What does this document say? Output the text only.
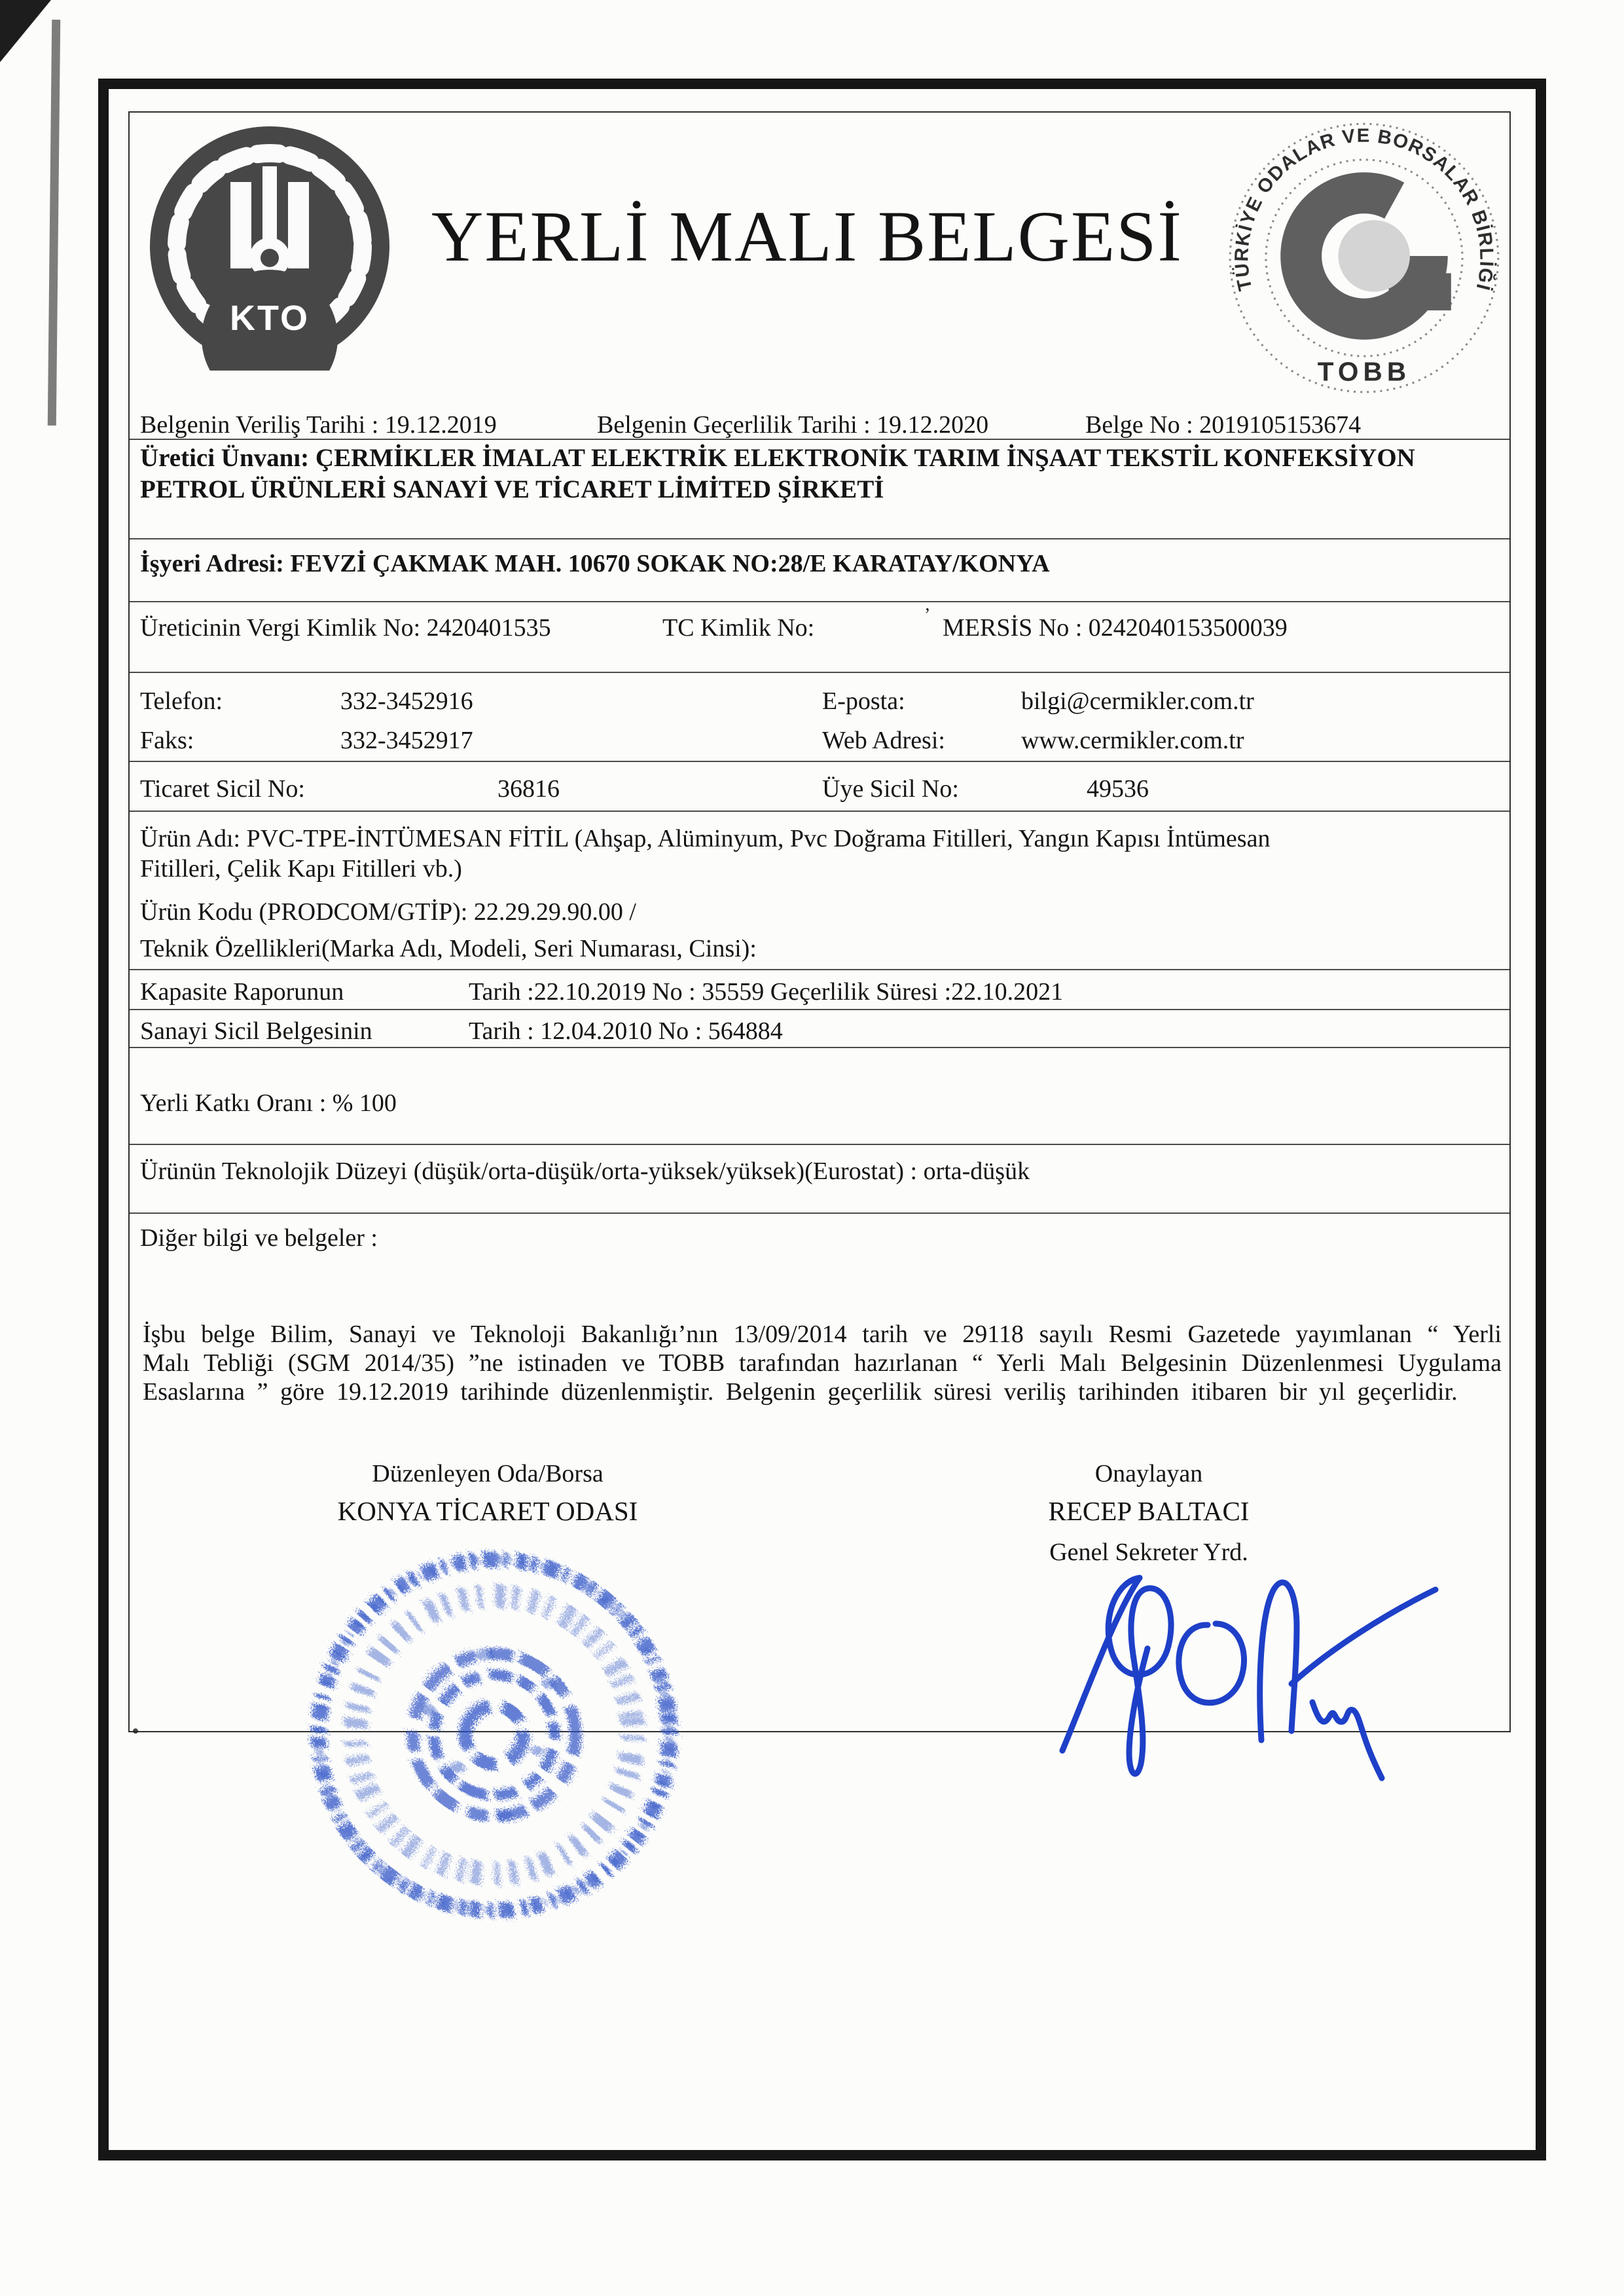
KTO
YERLİ MALI BELGESİ
TÜRKİYE ODALAR VE BORSALAR BİRLİĞİ
TOBB
Belgenin Veriliş Tarihi : 19.12.2019	Belgenin Geçerlilik Tarihi : 19.12.2020	Belge No : 2019105153674
Üretici Ünvanı: ÇERMİKLER İMALAT ELEKTRİK ELEKTRONİK TARIM İNŞAAT TEKSTİL KONFEKSİYON
PETROL ÜRÜNLERİ SANAYİ VE TİCARET LİMİTED ŞİRKETİ
İşyeri Adresi: FEVZİ ÇAKMAK MAH. 10670 SOKAK NO:28/E KARATAY/KONYA
Üreticinin Vergi Kimlik No: 2420401535	TC Kimlik No:	’ MERSİS No : 0242040153500039
Telefon:	332-3452916	E-posta:	bilgi@cermikler.com.tr
Faks:	332-3452917	Web Adresi:	www.cermikler.com.tr
Ticaret Sicil No:	36816	Üye Sicil No:	49536
Ürün Adı: PVC-TPE-İNTÜMESAN FİTİL (Ahşap, Alüminyum, Pvc Doğrama Fitilleri, Yangın Kapısı İntümesan
Fitilleri, Çelik Kapı Fitilleri vb.)
Ürün Kodu (PRODCOM/GTİP): 22.29.29.90.00 /
Teknik Özellikleri(Marka Adı, Modeli, Seri Numarası, Cinsi):
Kapasite Raporunun	Tarih :22.10.2019 No : 35559 Geçerlilik Süresi :22.10.2021
Sanayi Sicil Belgesinin	Tarih : 12.04.2010 No : 564884
Yerli Katkı Oranı : % 100
Ürünün Teknolojik Düzeyi (düşük/orta-düşük/orta-yüksek/yüksek)(Eurostat) : orta-düşük
Diğer bilgi ve belgeler :
İşbu belge Bilim, Sanayi ve Teknoloji Bakanlığı’nın 13/09/2014 tarih ve 29118 sayılı Resmi Gazetede yayımlanan “ Yerli Malı Tebliği (SGM 2014/35) ”ne istinaden ve TOBB tarafından hazırlanan “ Yerli Malı Belgesinin Düzenlenmesi Uygulama Esaslarına ” göre 19.12.2019 tarihinde düzenlenmiştir. Belgenin geçerlilik süresi veriliş tarihinden itibaren bir yıl geçerlidir.
Düzenleyen Oda/Borsa
KONYA TİCARET ODASI
Onaylayan
RECEP BALTACI
Genel Sekreter Yrd.
